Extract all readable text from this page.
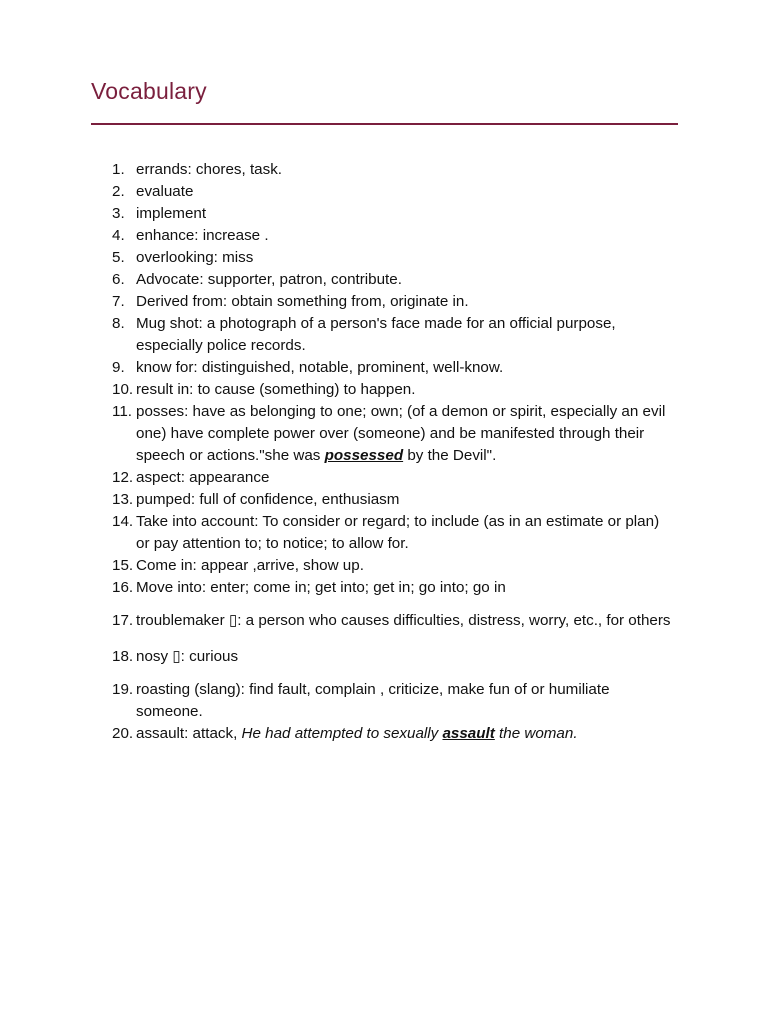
Vocabulary
1. errands: chores, task.
2. evaluate
3. implement
4. enhance: increase .
5. overlooking: miss
6. Advocate: supporter, patron, contribute.
7. Derived from: obtain something from, originate in.
8. Mug shot: a photograph of a person's face made for an official purpose, especially police records.
9. know for: distinguished, notable, prominent, well-know.
10. result in: to cause (something) to happen.
11. posses: have as belonging to one; own; (of a demon or spirit, especially an evil one) have complete power over (someone) and be manifested through their speech or actions."she was possessed by the Devil".
12. aspect: appearance
13. pumped: full of confidence, enthusiasm
14. Take into account: To consider or regard; to include (as in an estimate or plan) or pay attention to; to notice; to allow for.
15. Come in: appear ,arrive, show up.
16. Move into: enter; come in; get into; get in; go into; go in
17. troublemaker ▯: a person who causes difficulties, distress, worry, etc., for others
18. nosy ▯: curious
19. roasting (slang): find fault, complain , criticize, make fun of or humiliate someone.
20. assault: attack, He had attempted to sexually assault the woman.
